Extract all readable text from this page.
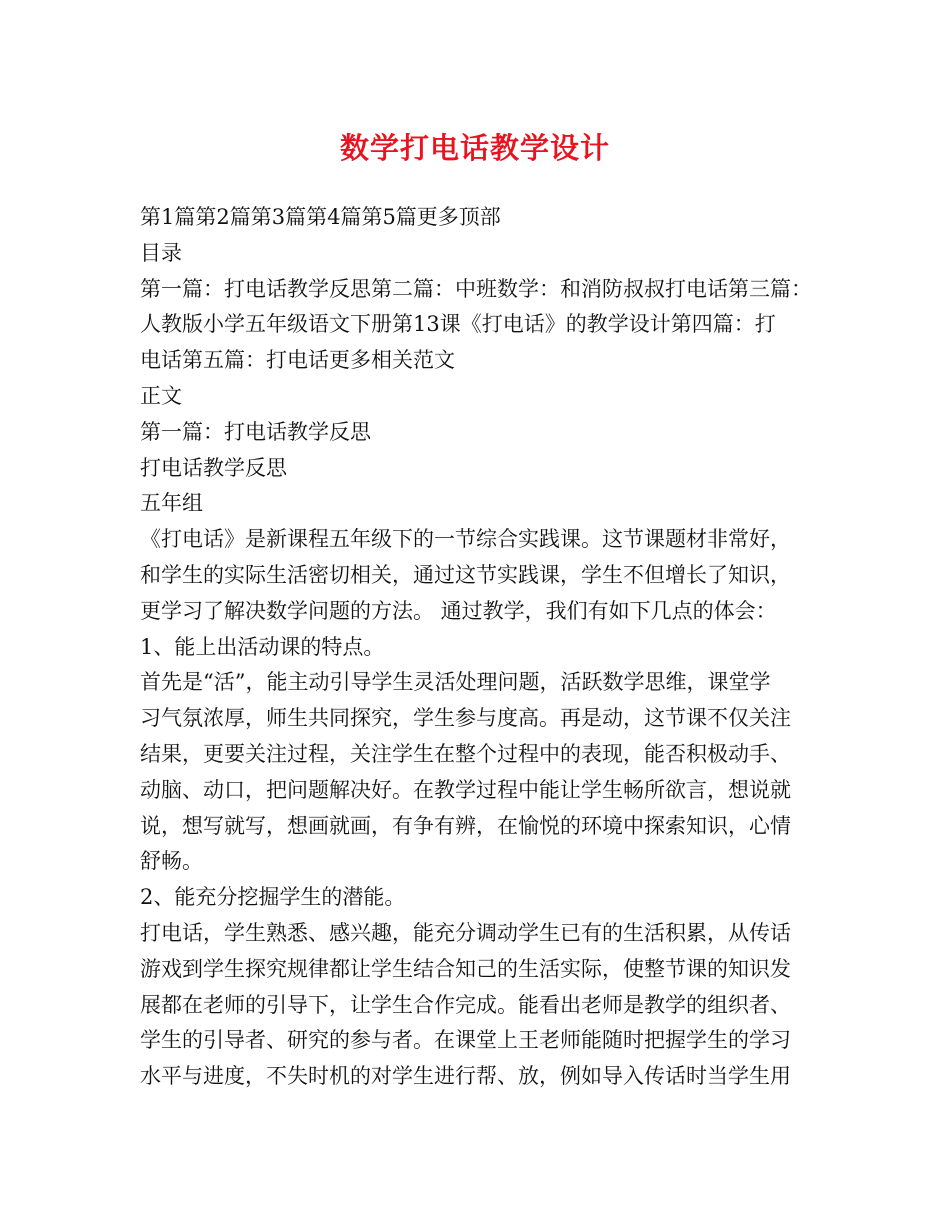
数学打电话教学设计
第1篇第2篇第3篇第4篇第5篇更多顶部
目录
第一篇：打电话教学反思第二篇：中班数学：和消防叔叔打电话第三篇：
人教版小学五年级语文下册第13课《打电话》的教学设计第四篇：打
电话第五篇：打电话更多相关范文
正文
第一篇：打电话教学反思
打电话教学反思
五年组
《打电话》是新课程五年级下的一节综合实践课。这节课题材非常好，
和学生的实际生活密切相关，通过这节实践课，学生不但增长了知识，
更学习了解决数学问题的方法。 通过教学，我们有如下几点的体会：
1、能上出活动课的特点。
首先是“活”，能主动引导学生灵活处理问题，活跃数学思维，课堂学
习气氛浓厚，师生共同探究，学生参与度高。再是动，这节课不仅关注
结果，更要关注过程，关注学生在整个过程中的表现，能否积极动手、
动脑、动口，把问题解决好。在教学过程中能让学生畅所欲言，想说就
说，想写就写，想画就画，有争有辨，在愉悦的环境中探索知识，心情
舒畅。
2、能充分挖掘学生的潜能。
打电话，学生熟悉、感兴趣，能充分调动学生已有的生活积累，从传话
游戏到学生探究规律都让学生结合知己的生活实际，使整节课的知识发
展都在老师的引导下，让学生合作完成。能看出老师是教学的组织者、
学生的引导者、研究的参与者。在课堂上王老师能随时把握学生的学习
水平与进度，不失时机的对学生进行帮、放，例如导入传话时当学生用
